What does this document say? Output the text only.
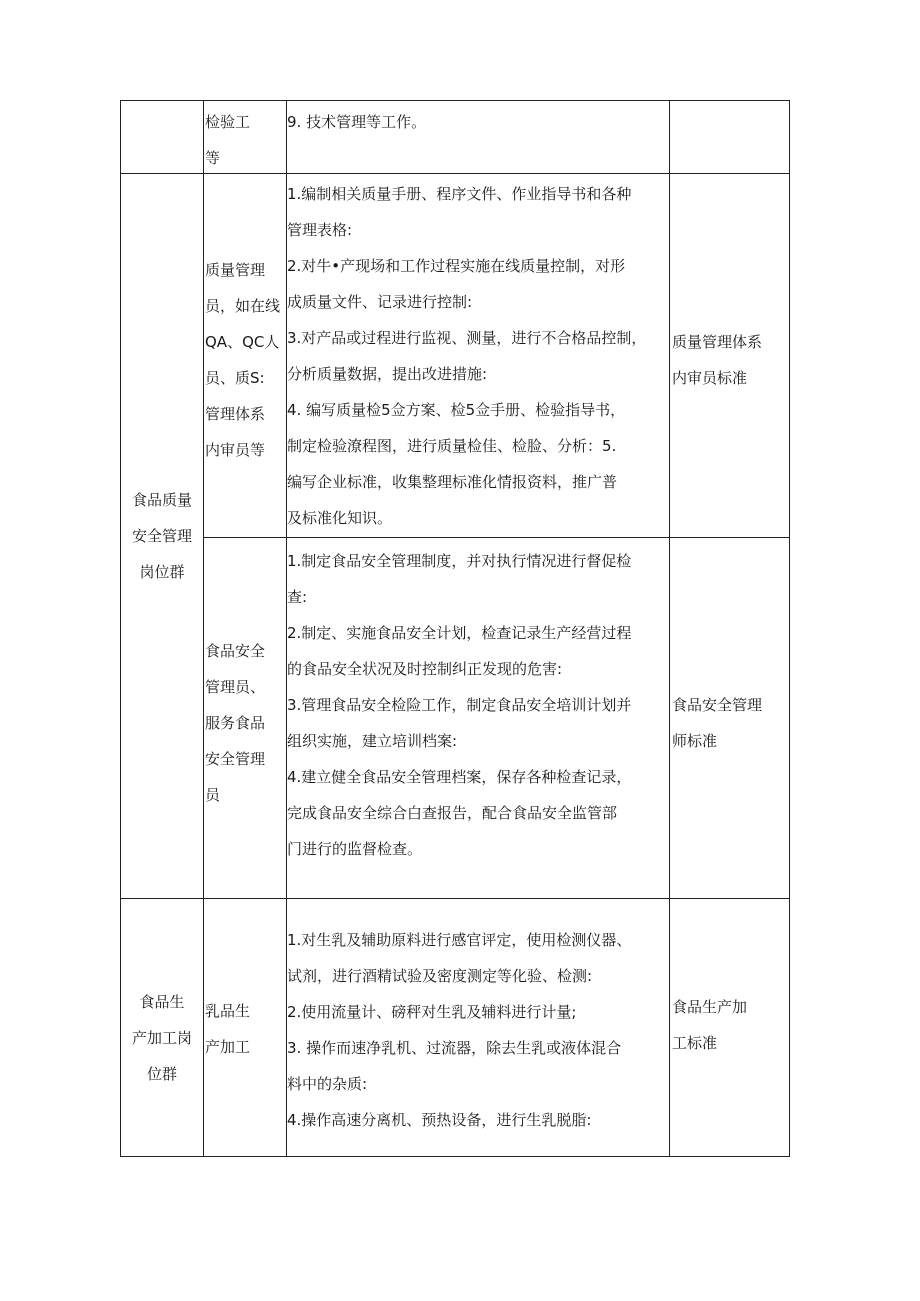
检验工
等
9. 技术管理等工作。
食品质量
安全管理
岗位群
质量管理
员，如在线
QA、QC人
员、质S:
管理体系
内审员等
1.编制相关质量手册、程序文件、作业指导书和各种
管理表格:
2.对牛•产现场和工作过程实施在线质量控制，对形
成质量文件、记录进行控制:
3.对产品或过程进行监视、测量，进行不合格品控制，
分析质量数据，提出改进措施:
4. 编写质量检5佥方案、检5佥手册、检验指导书，
制定检验潦程图，进行质量检佳、检脸、分析：5.
编写企业标准，收集整理标准化情报资料，推广普
及标准化知识。
质量管理体系
内审员标准
食品安全
管理员、
服务食品
安全管理
员
1.制定食品安全管理制度，并对执行情况进行督促检
查:
2.制定、实施食品安全计划，检查记录生产经营过程
的食品安全状况及时控制纠正发现的危害:
3.管理食品安全检险工作，制定食品安全培训计划并
组织实施，建立培训档案:
4.建立健全食品安全管理档案，保存各种检查记录，
完成食品安全综合白查报告，配合食品安全监管部
门进行的监督检查。
食品安全管理
师标准
食品生
产加工岗
位群
乳品生
产加工
1.对生乳及辅助原料进行感官评定，使用检测仪器、
试剂，进行酒精试验及密度测定等化验、检测:
2.使用流量计、磅秤对生乳及辅料进行计量;
3. 操作而速净乳机、过流器，除去生乳或液体混合
料中的杂质:
4.操作高速分离机、预热设备，进行生乳脱脂:
食品生产加
工标准
